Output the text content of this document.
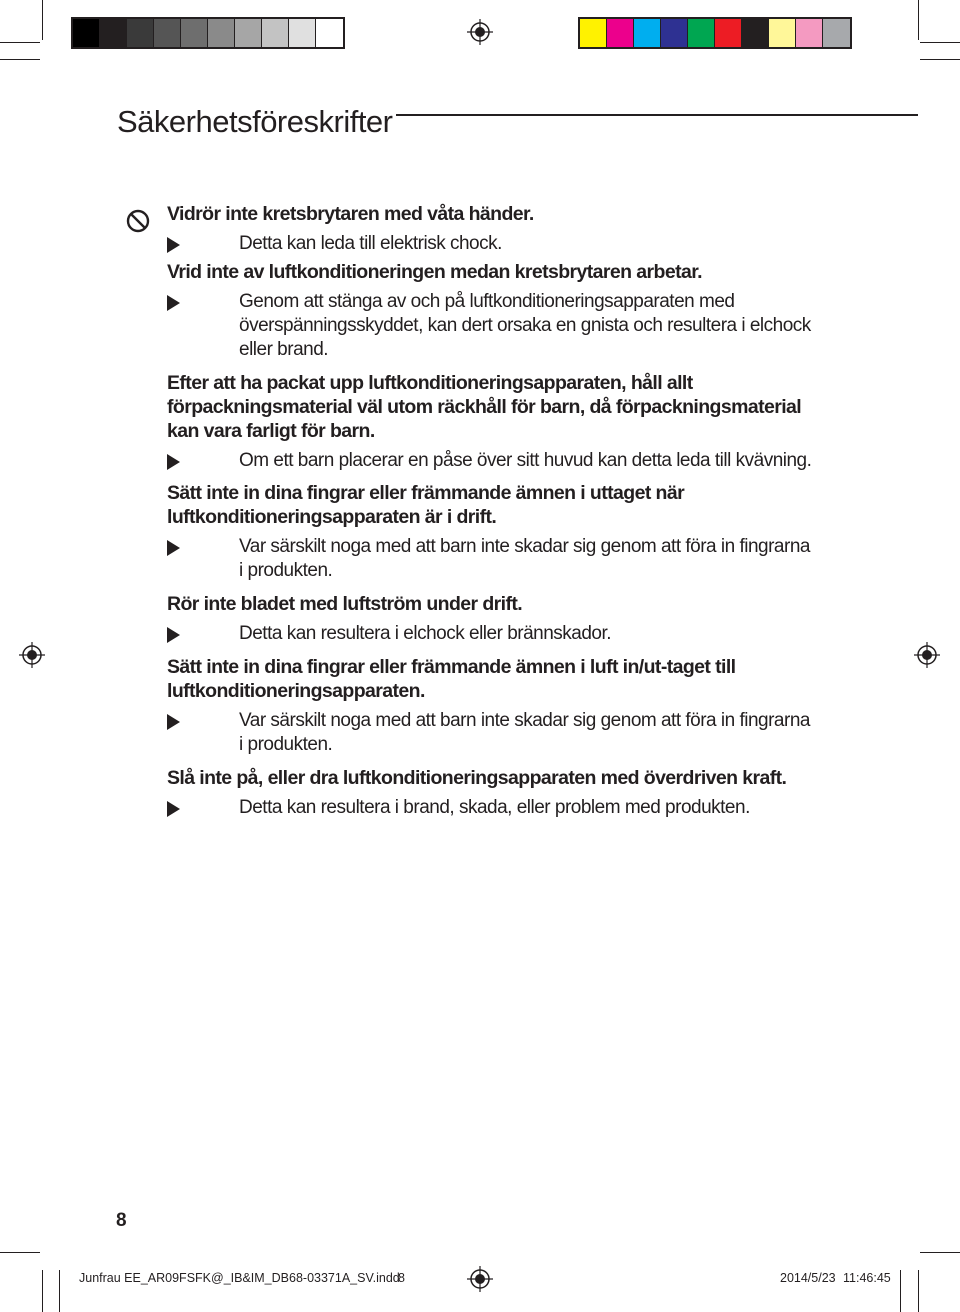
Säkerhetsföreskrifter
Vidrör inte kretsbrytaren med våta händer.
Detta kan leda till elektrisk chock.
Vrid inte av luftkonditioneringen medan kretsbrytaren arbetar.
Genom att stänga av och på luftkonditioneringsapparaten med
överspänningsskyddet, kan dert orsaka en gnista och resultera i elchock
eller brand.
Efter att ha packat upp luftkonditioneringsapparaten, håll allt
förpackningsmaterial väl utom räckhåll för barn, då förpackningsmaterial
kan vara farligt för barn.
Om ett barn placerar en påse över sitt huvud kan detta leda till kvävning.
Sätt inte in dina fingrar eller främmande ämnen i uttaget när
luftkonditioneringsapparaten är i drift.
Var särskilt noga med att barn inte skadar sig genom att föra in fingrarna
i produkten.
Rör inte bladet med luftström under drift.
Detta kan resultera i elchock eller brännskador.
Sätt inte in dina fingrar eller främmande ämnen i luft in/ut-taget till
luftkonditioneringsapparaten.
Var särskilt noga med att barn inte skadar sig genom att föra in fingrarna
i produkten.
Slå inte på, eller dra luftkonditioneringsapparaten med överdriven kraft.
Detta kan resultera i brand, skada, eller problem med produkten.
8
Junfrau EE_AR09FSFK@_IB&IM_DB68-03371A_SV.indd
8	2014/5/23 11:46:45
